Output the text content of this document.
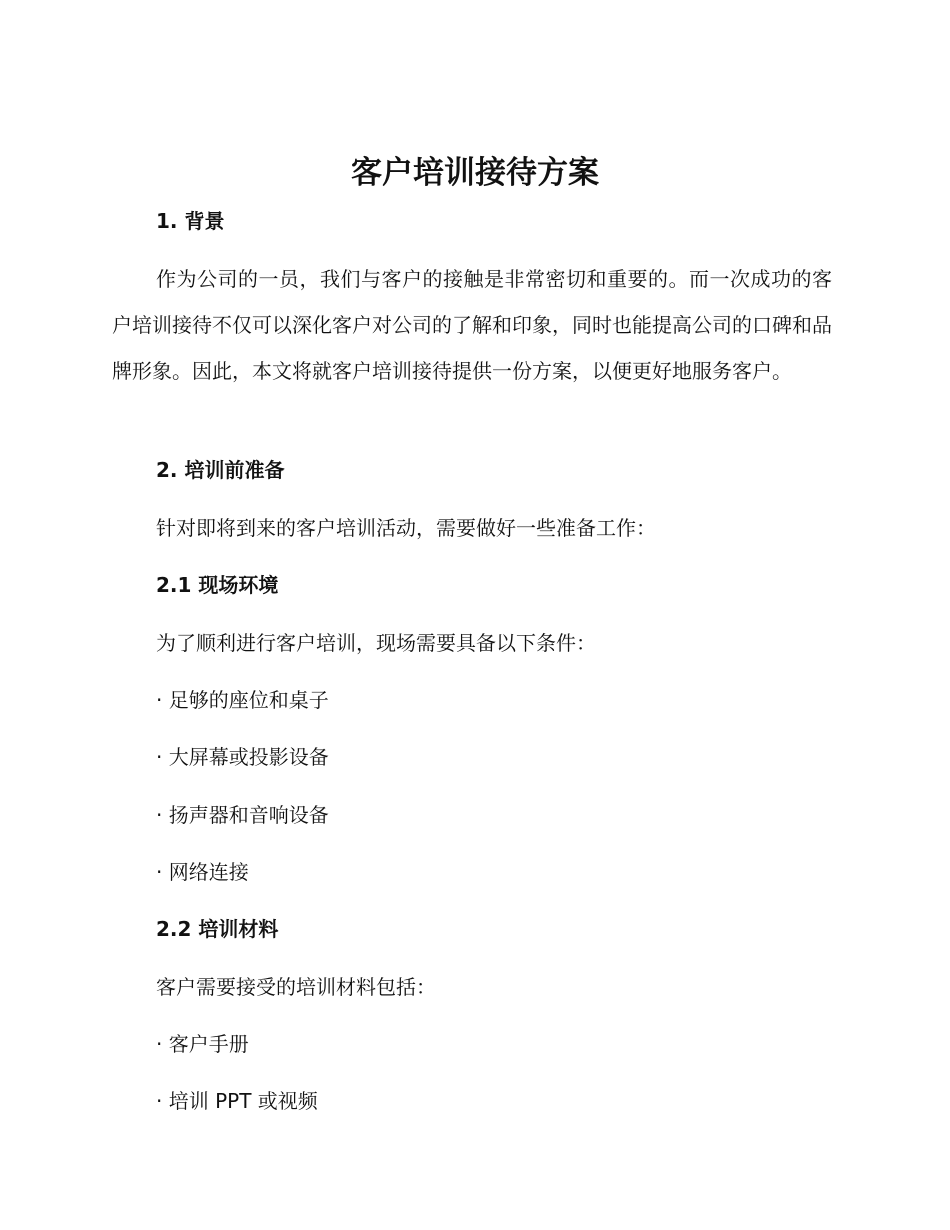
客户培训接待方案
1. 背景

作为公司的一员，我们与客户的接触是非常密切和重要的。而一次成功的客户培训接待不仅可以深化客户对公司的了解和印象，同时也能提高公司的口碑和品牌形象。因此，本文将就客户培训接待提供一份方案，以便更好地服务客户。

2. 培训前准备

针对即将到来的客户培训活动，需要做好一些准备工作：

2.1 现场环境

为了顺利进行客户培训，现场需要具备以下条件：

· 足够的座位和桌子

· 大屏幕或投影设备

· 扬声器和音响设备

· 网络连接

2.2 培训材料

客户需要接受的培训材料包括：

· 客户手册

· 培训 PPT 或视频
